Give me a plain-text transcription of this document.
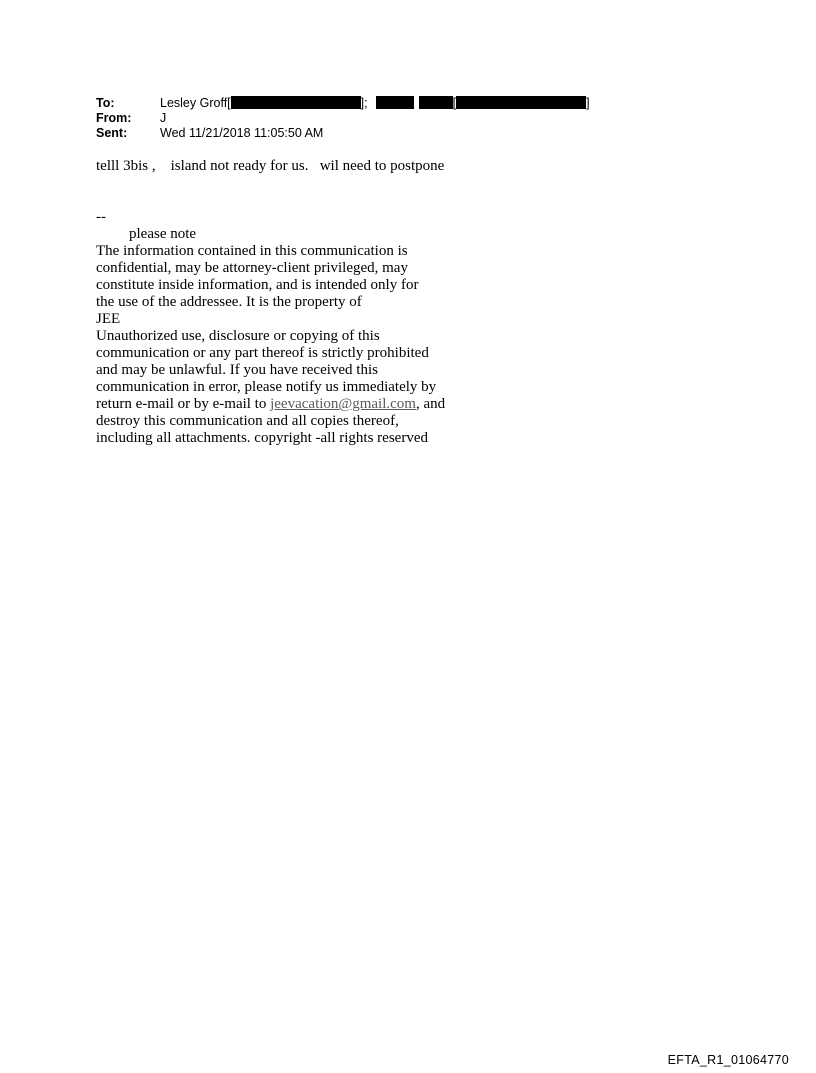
To:	Lesley Groff[	];	[	]
From: J
Sent:	Wed 11/21/2018 11:05:50 AM

telll 3bis ,    island not ready for us.   wil need to postpone

--

please note

The information contained in this communication is

confidential, may be attorney-client privileged, may

constitute inside information, and is intended only for

the use of the addressee. It is the property of

JEE

Unauthorized use, disclosure or copying of this

communication or any part thereof is strictly prohibited

and may be unlawful. If you have received this

communication in error, please notify us immediately by

return e-mail or by e-mail to jeevacation@gmail.com, and

destroy this communication and all copies thereof,

including all attachments. copyright -all rights reserved

EFTA_R1_01064770
